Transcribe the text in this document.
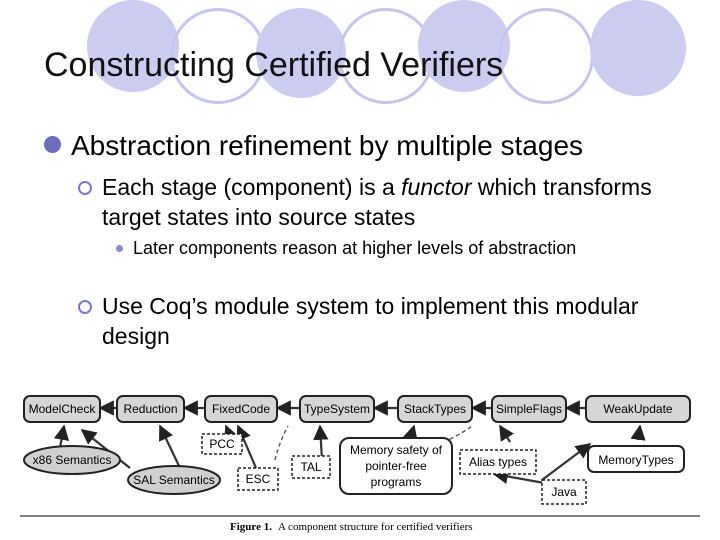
Constructing Certified Verifiers
Abstraction refinement by multiple stages
Each stage (component) is a functor which transforms target states into source states
Later components reason at higher levels of abstraction
Use Coq’s module system to implement this modular design
ModelCheck Reduction	FixedCode	TypeSystem	StackTypes SimpleFlags	WeakUpdate
x86 Semantics
SAL Semantics
PCC
ESC
TAL
Memory safety of
pointer-free
programs
Alias types	MemoryTypes
Java
Figure 1. A component structure for certified verifiers
